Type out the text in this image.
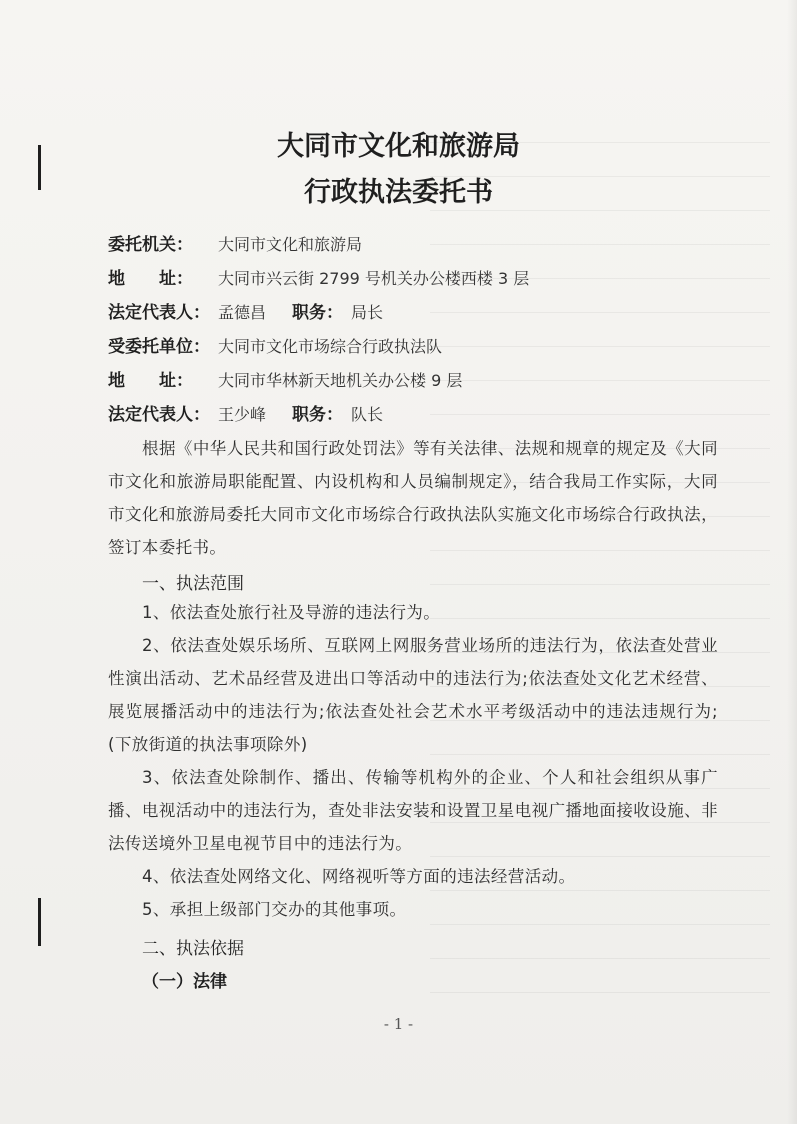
大同市文化和旅游局
行政执法委托书
委托机关： 大同市文化和旅游局
地　　址： 大同市兴云街 2799 号机关办公楼西楼 3 层
法定代表人： 孟德昌 职务： 局长
受委托单位： 大同市文化市场综合行政执法队
地　　址： 大同市华林新天地机关办公楼 9 层
法定代表人： 王少峰 职务： 队长
根据《中华人民共和国行政处罚法》等有关法律、法规和规章的规定及《大同市文化和旅游局职能配置、内设机构和人员编制规定》，结合我局工作实际，大同市文化和旅游局委托大同市文化市场综合行政执法队实施文化市场综合行政执法，签订本委托书。
一、执法范围
1、依法查处旅行社及导游的违法行为。
2、依法查处娱乐场所、互联网上网服务营业场所的违法行为，依法查处营业性演出活动、艺术品经营及进出口等活动中的违法行为;依法查处文化艺术经营、展览展播活动中的违法行为;依法查处社会艺术水平考级活动中的违法违规行为;(下放街道的执法事项除外)
3、依法查处除制作、播出、传输等机构外的企业、个人和社会组织从事广播、电视活动中的违法行为，查处非法安装和设置卫星电视广播地面接收设施、非法传送境外卫星电视节目中的违法行为。
4、依法查处网络文化、网络视听等方面的违法经营活动。
5、承担上级部门交办的其他事项。
二、执法依据
（一）法律
- 1 -
